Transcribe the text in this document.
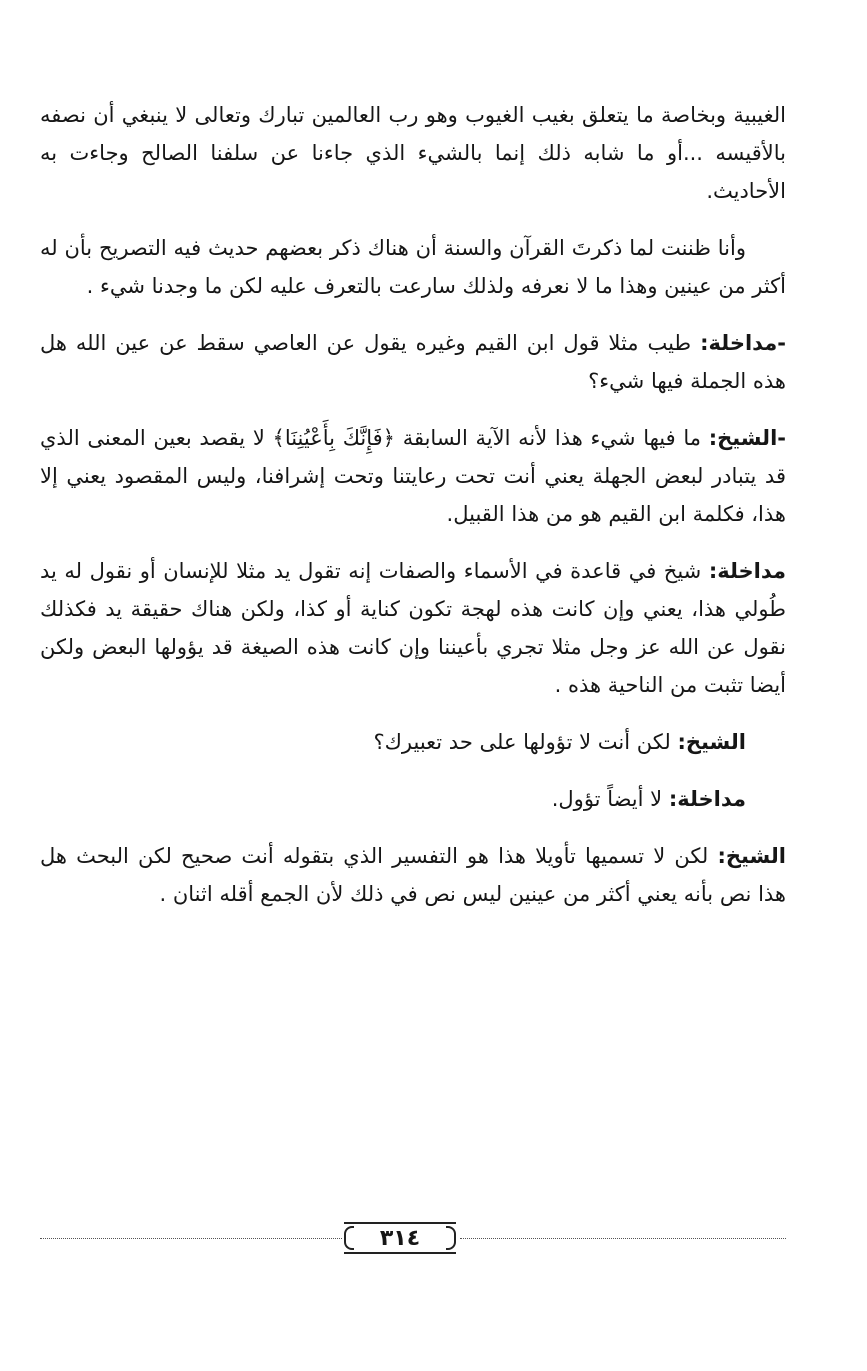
الغيبية وبخاصة ما يتعلق بغيب الغيوب وهو رب العالمين تبارك وتعالى لا ينبغي أن نصفه بالأقيسه ...أو ما شابه ذلك إنما بالشيء الذي جاءنا عن سلفنا الصالح وجاءت به الأحاديث.

وأنا ظننت لما ذكرتَ القرآن والسنة أن هناك ذكر بعضهم حديث فيه التصريح بأن له أكثر من عينين وهذا ما لا نعرفه ولذلك سارعت بالتعرف عليه لكن ما وجدنا شيء .

-مداخلة: طيب مثلا قول ابن القيم وغيره يقول عن العاصي سقط عن عين الله هل هذه الجملة فيها شيء؟

-الشيخ: ما فيها شيء هذا لأنه الآية السابقة ﴿فَإِنَّكَ بِأَعْيُنِنَا﴾ لا يقصد بعين المعنى الذي قد يتبادر لبعض الجهلة يعني أنت تحت رعايتنا وتحت إشرافنا، وليس المقصود يعني إلا هذا، فكلمة ابن القيم هو من هذا القبيل.

مداخلة: شيخ في قاعدة في الأسماء والصفات إنه تقول يد مثلا للإنسان أو نقول له يد طُولي هذا، يعني وإن كانت هذه لهجة تكون كناية أو كذا، ولكن هناك حقيقة يد فكذلك نقول عن الله عز وجل مثلا تجري بأعيننا وإن كانت هذه الصيغة قد يؤولها البعض ولكن أيضا تثبت من الناحية هذه .

الشيخ: لكن أنت لا تؤولها على حد تعبيرك؟

مداخلة: لا أيضاً تؤول.

الشيخ: لكن لا تسميها تأويلا هذا هو التفسير الذي بتقوله أنت صحيح لكن البحث هل هذا نص بأنه يعني أكثر من عينين ليس نص في ذلك لأن الجمع أقله اثنان .

٣١٤
